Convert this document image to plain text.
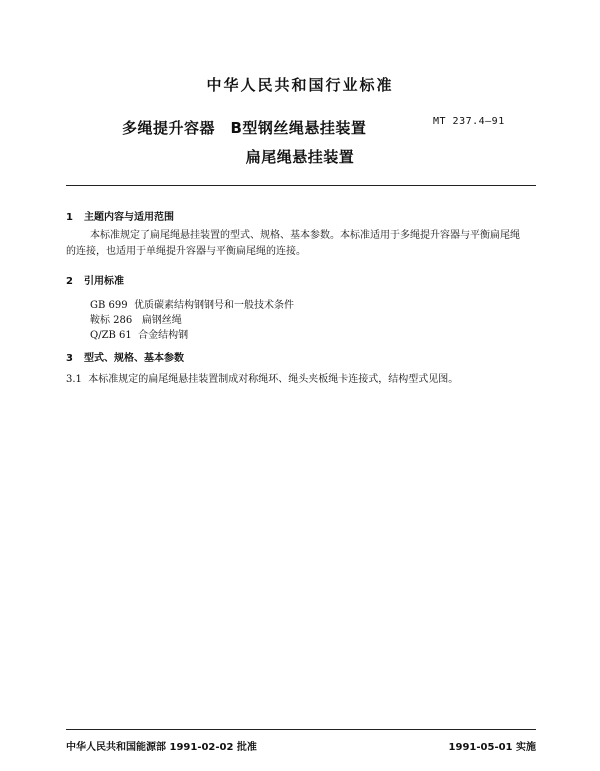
中华人民共和国行业标准
多绳提升容器　B型钢丝绳悬挂装置	MT 237.4—91
扁尾绳悬挂装置
1 主题内容与适用范围
本标准规定了扁尾绳悬挂装置的型式、规格、基本参数。本标准适用于多绳提升容器与平衡扁尾绳
的连接，也适用于单绳提升容器与平衡扁尾绳的连接。
2 引用标准
GB 699 优质碳素结构钢钢号和一般技术条件
鞍标 286 扁钢丝绳
Q/ZB 61 合金结构钢
3 型式、规格、基本参数
3.1 本标准规定的扁尾绳悬挂装置制成对称绳环、绳头夹板绳卡连接式，结构型式见图。
中华人民共和国能源部 1991-02-02 批准	1991-05-01 实施
